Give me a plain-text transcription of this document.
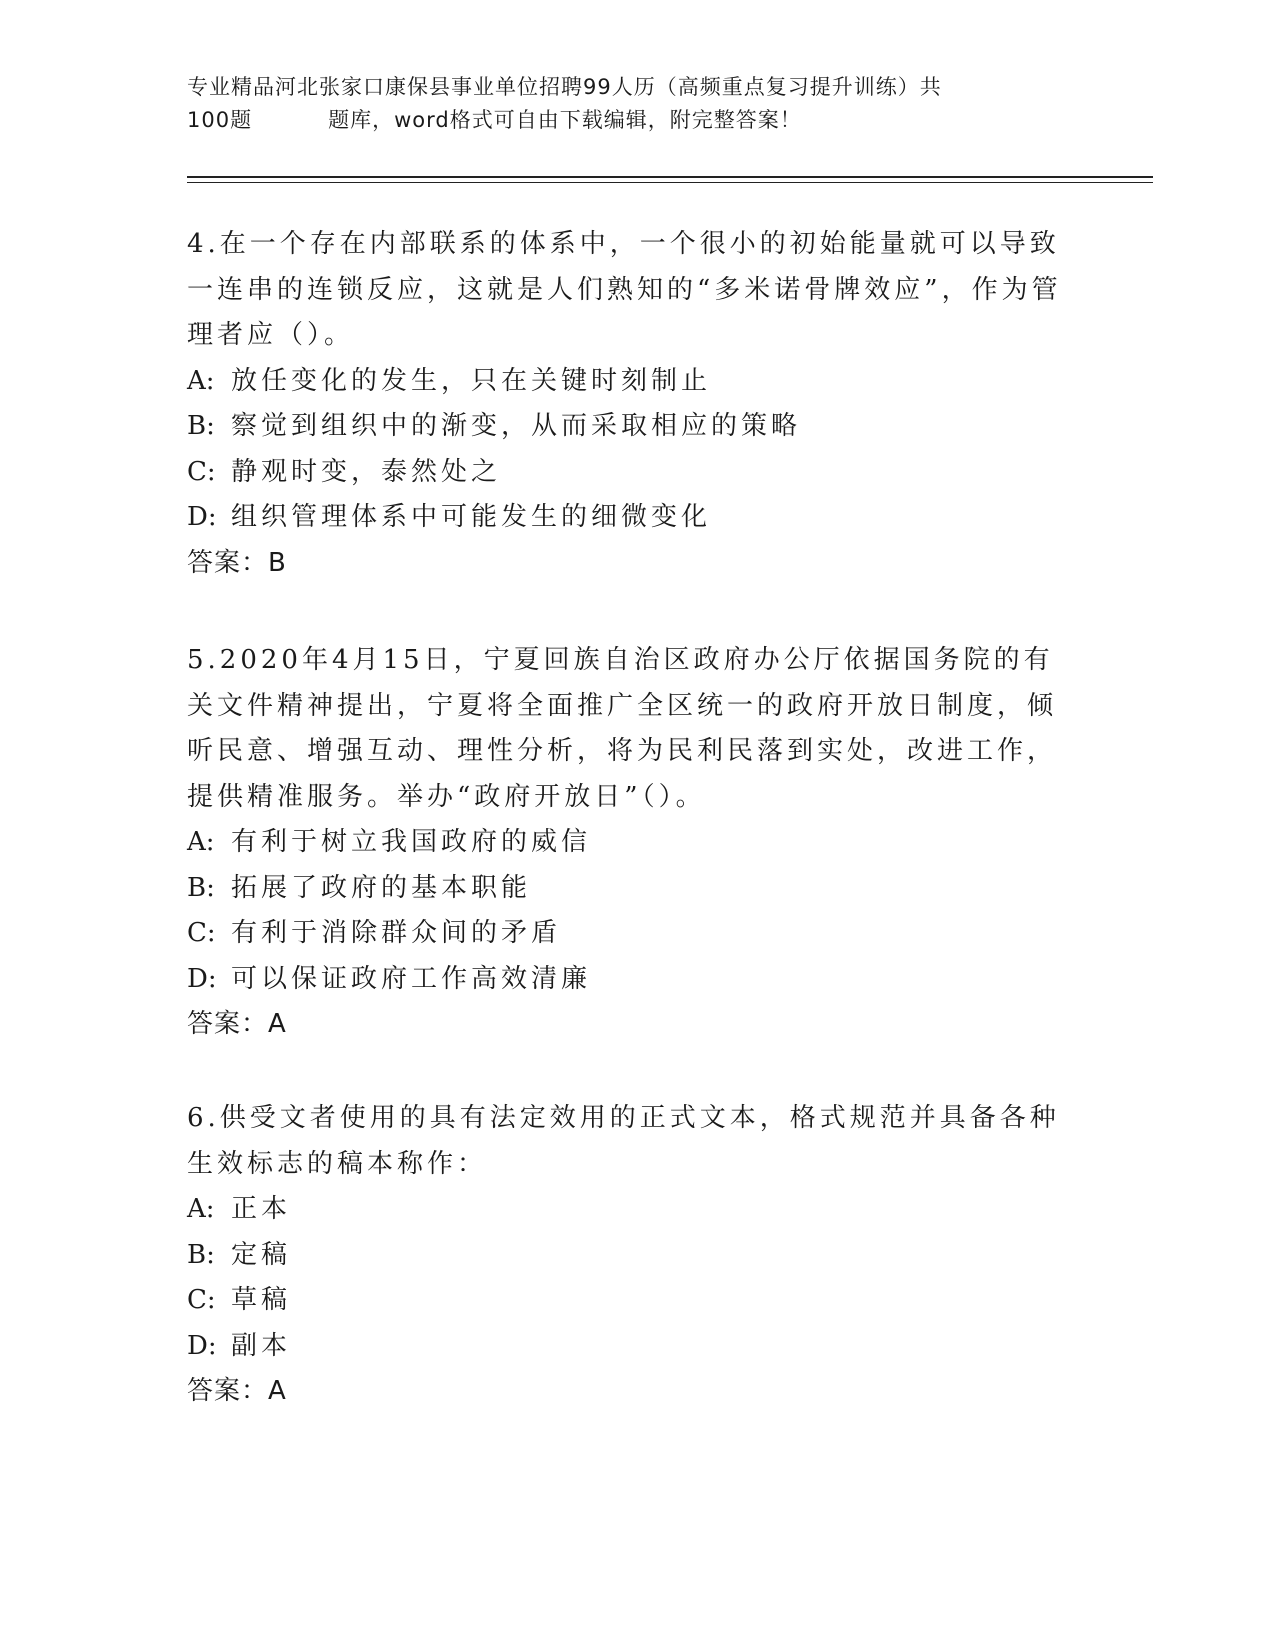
专业精品河北张家口康保县事业单位招聘99人历（高频重点复习提升训练）共
100题	题库，word格式可自由下载编辑，附完整答案！

4.在一个存在内部联系的体系中，一个很小的初始能量就可以导致一连串的连锁反应，这就是人们熟知的“多米诺骨牌效应”，作为管理者应（）。

A: 放任变化的发生，只在关键时刻制止

B: 察觉到组织中的渐变，从而采取相应的策略

C: 静观时变，泰然处之

D: 组织管理体系中可能发生的细微变化

答案：B

5.2020年4月15日，宁夏回族自治区政府办公厅依据国务院的有关文件精神提出，宁夏将全面推广全区统一的政府开放日制度，倾听民意、增强互动、理性分析，将为民利民落到实处，改进工作，提供精准服务。举办“政府开放日”（）。

A: 有利于树立我国政府的威信

B: 拓展了政府的基本职能

C: 有利于消除群众间的矛盾

D: 可以保证政府工作高效清廉

答案：A

6.供受文者使用的具有法定效用的正式文本，格式规范并具备各种生效标志的稿本称作：

A: 正本

B: 定稿

C: 草稿

D: 副本

答案：A
